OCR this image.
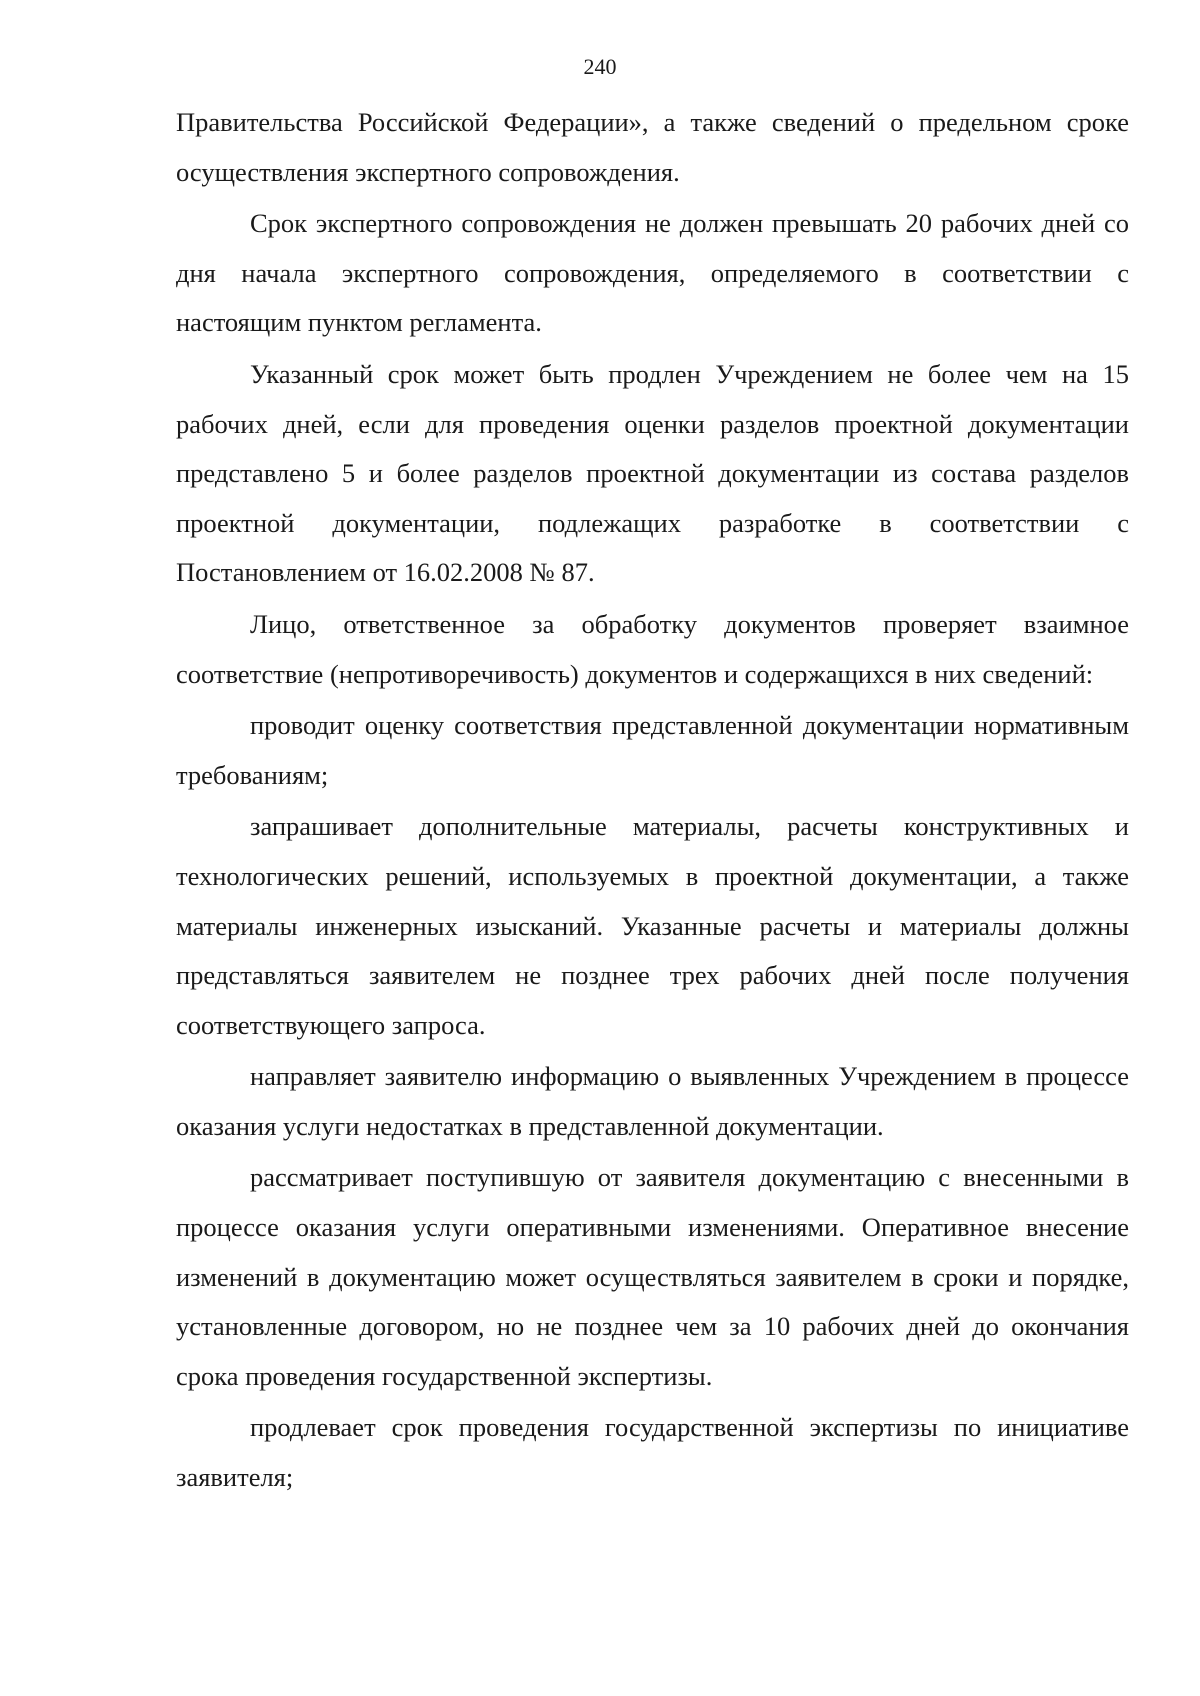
240

Правительства Российской Федерации», а также сведений о предельном сроке осуществления экспертного сопровождения.

Срок экспертного сопровождения не должен превышать 20 рабочих дней со дня начала экспертного сопровождения, определяемого в соответствии с настоящим пунктом регламента.

Указанный срок может быть продлен Учреждением не более чем на 15 рабочих дней, если для проведения оценки разделов проектной документации представлено 5 и более разделов проектной документации из состава разделов проектной документации, подлежащих разработке в соответствии с Постановлением от 16.02.2008 № 87.

Лицо, ответственное за обработку документов проверяет взаимное соответствие (непротиворечивость) документов и содержащихся в них сведений:

проводит оценку соответствия представленной документации нормативным требованиям;

запрашивает дополнительные материалы, расчеты конструктивных и технологических решений, используемых в проектной документации, а также материалы инженерных изысканий. Указанные расчеты и материалы должны представляться заявителем не позднее трех рабочих дней после получения соответствующего запроса.

направляет заявителю информацию о выявленных Учреждением в процессе оказания услуги недостатках в представленной документации.

рассматривает поступившую от заявителя документацию с внесенными в процессе оказания услуги оперативными изменениями. Оперативное внесение изменений в документацию может осуществляться заявителем в сроки и порядке, установленные договором, но не позднее чем за 10 рабочих дней до окончания срока проведения государственной экспертизы.

продлевает срок проведения государственной экспертизы по инициативе заявителя;
